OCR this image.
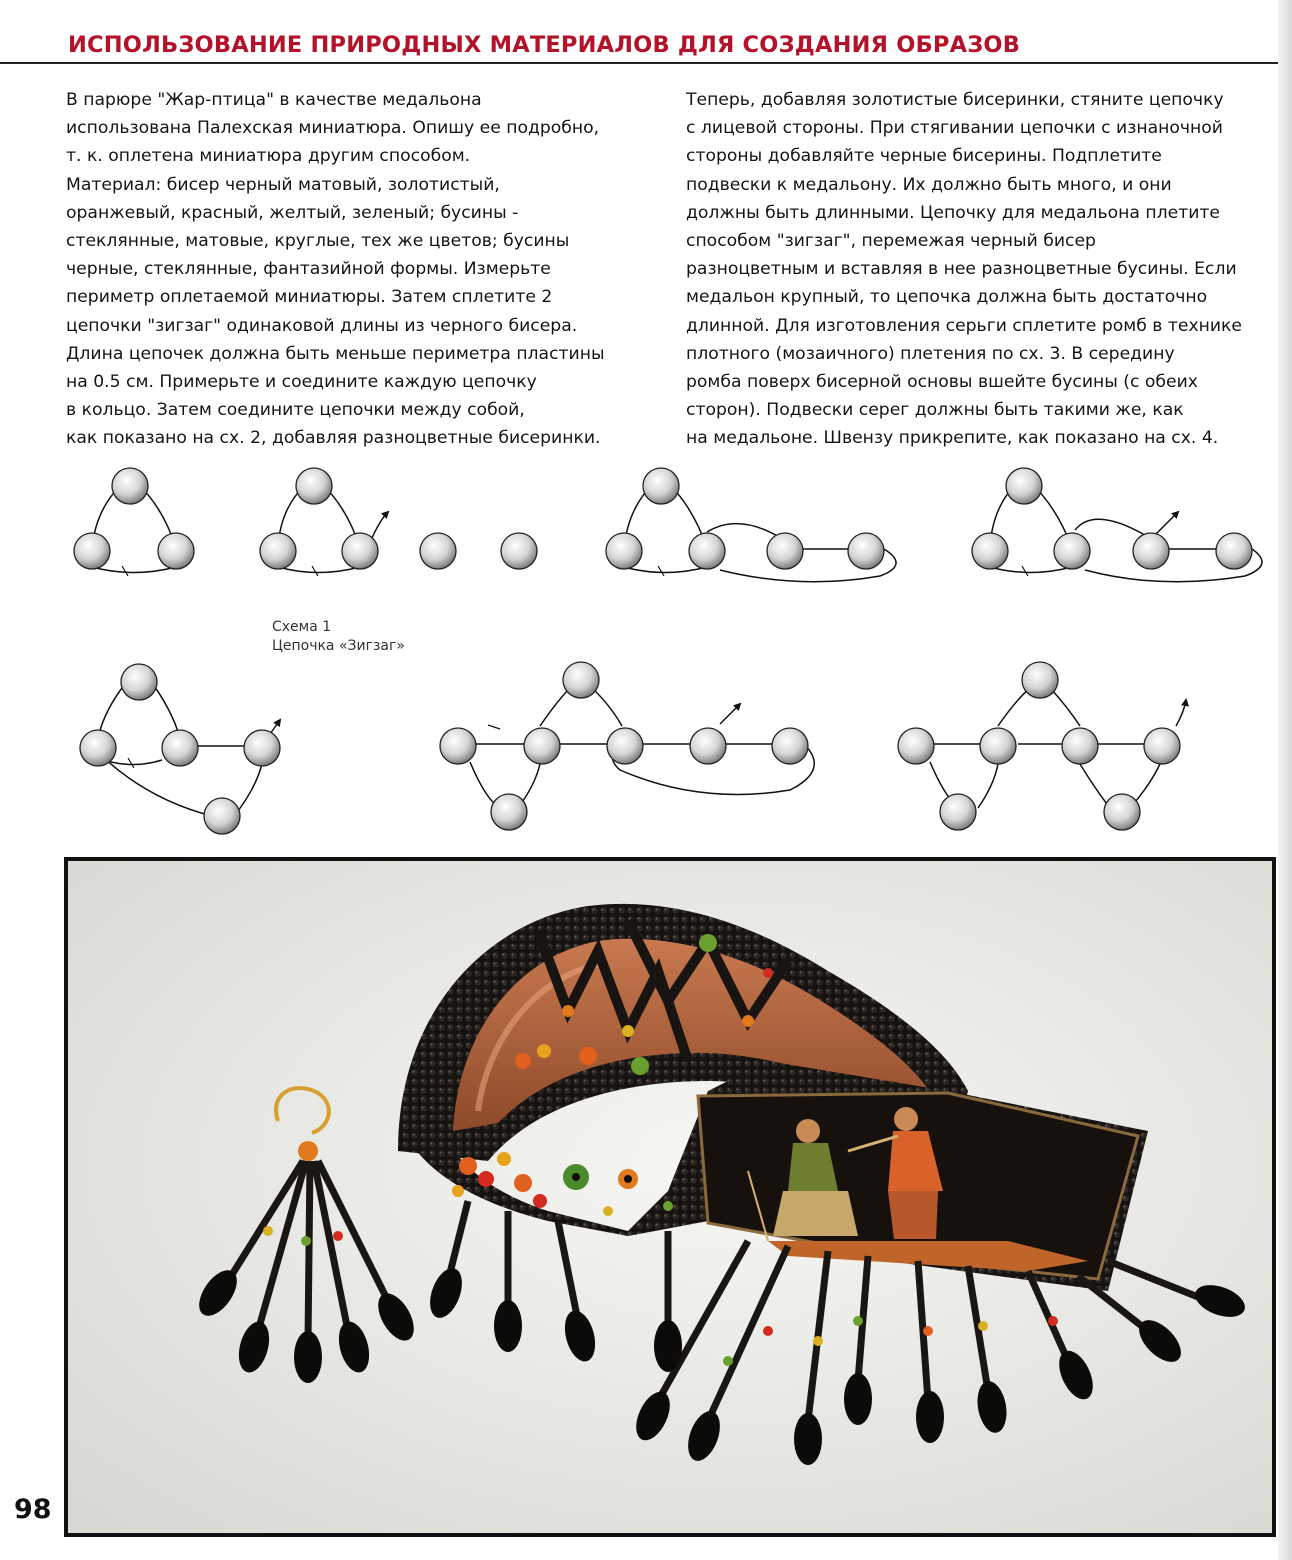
ИСПОЛЬЗОВАНИЕ ПРИРОДНЫХ МАТЕРИАЛОВ ДЛЯ СОЗДАНИЯ ОБРАЗОВ
В парюре "Жар-птица" в качестве медальона
использована Палехская миниатюра. Опишу ее подробно,
т. к. оплетена миниатюра другим способом.
Материал: бисер черный матовый, золотистый,
оранжевый, красный, желтый, зеленый; бусины -
стеклянные, матовые, круглые, тех же цветов; бусины
черные, стеклянные, фантазийной формы. Измерьте
периметр оплетаемой миниатюры. Затем сплетите 2
цепочки "зигзаг" одинаковой длины из черного бисера.
Длина цепочек должна быть меньше периметра пластины
на 0.5 см. Примерьте и соедините каждую цепочку
в кольцо. Затем соедините цепочки между собой,
как показано на сх. 2, добавляя разноцветные бисеринки.
Теперь, добавляя золотистые бисеринки, стяните цепочку
с лицевой стороны. При стягивании цепочки с изнаночной
стороны добавляйте черные бисерины. Подплетите
подвески к медальону. Их должно быть много, и они
должны быть длинными. Цепочку для медальона плетите
способом "зигзаг", перемежая черный бисер
разноцветным и вставляя в нее разноцветные бусины. Если
медальон крупный, то цепочка должна быть достаточно
длинной. Для изготовления серьги сплетите ромб в технике
плотного (мозаичного) плетения по сх. 3. В середину
ромба поверх бисерной основы вшейте бусины (с обеих
сторон). Подвески серег должны быть такими же, как
на медальоне. Швензу прикрепите, как показано на сх. 4.
Схема 1
Цепочка «Зигзаг»
98
